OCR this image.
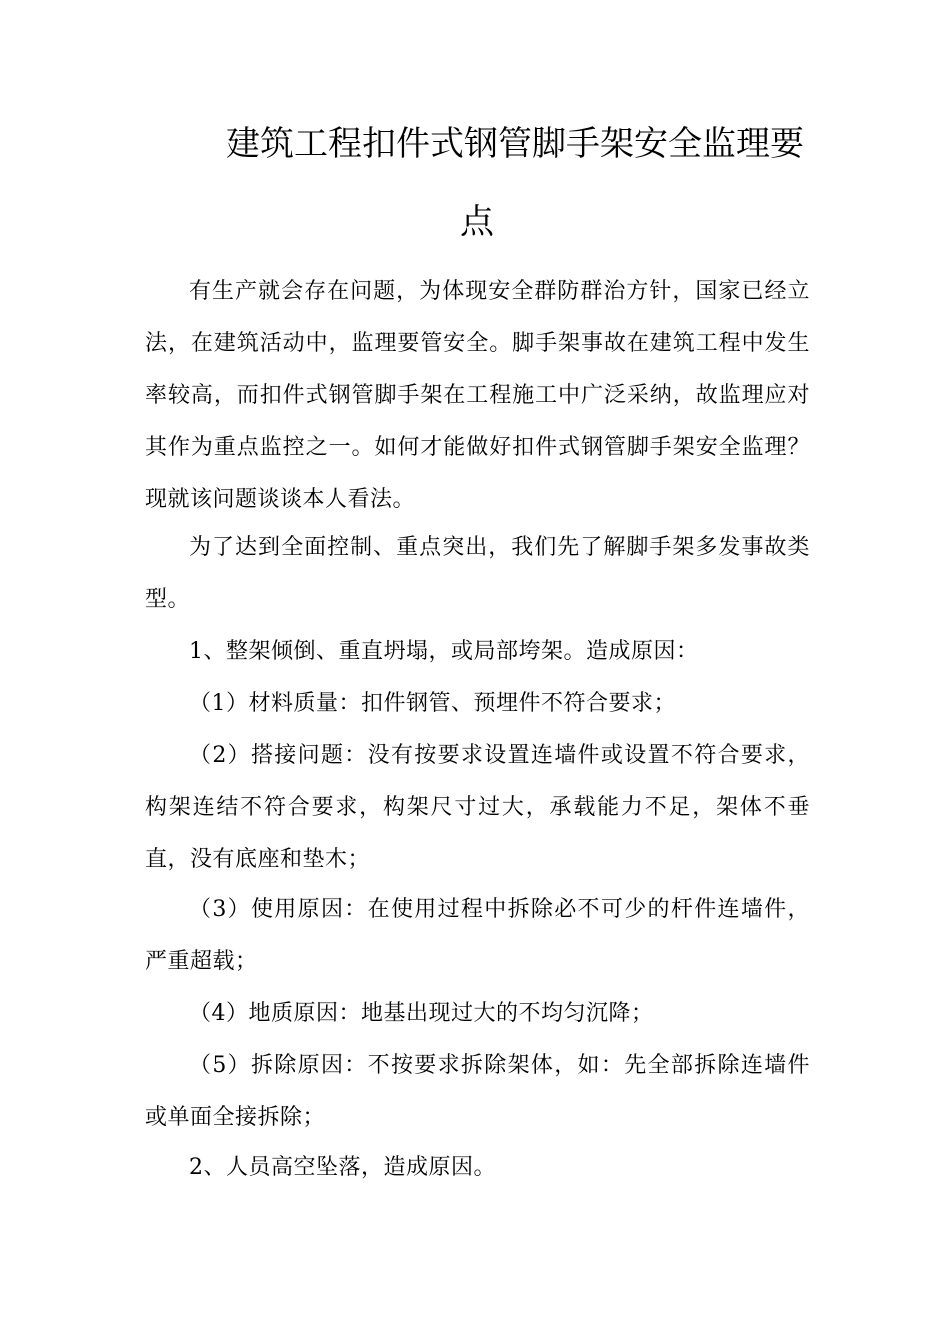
建筑工程扣件式钢管脚手架安全监理要
点
有生产就会存在问题，为体现安全群防群治方针，国家已经立法，在建筑活动中，监理要管安全。脚手架事故在建筑工程中发生率较高，而扣件式钢管脚手架在工程施工中广泛采纳，故监理应对其作为重点监控之一。如何才能做好扣件式钢管脚手架安全监理？现就该问题谈谈本人看法。
为了达到全面控制、重点突出，我们先了解脚手架多发事故类型。
1、整架倾倒、重直坍塌，或局部垮架。造成原因：
（1）材料质量：扣件钢管、预埋件不符合要求；
（2）搭接问题：没有按要求设置连墙件或设置不符合要求，构架连结不符合要求，构架尺寸过大，承载能力不足，架体不垂直，没有底座和垫木；
（3）使用原因：在使用过程中拆除必不可少的杆件连墙件，严重超载；
（4）地质原因：地基出现过大的不均匀沉降；
（5）拆除原因：不按要求拆除架体，如：先全部拆除连墙件或单面全接拆除；
2、人员高空坠落，造成原因。
